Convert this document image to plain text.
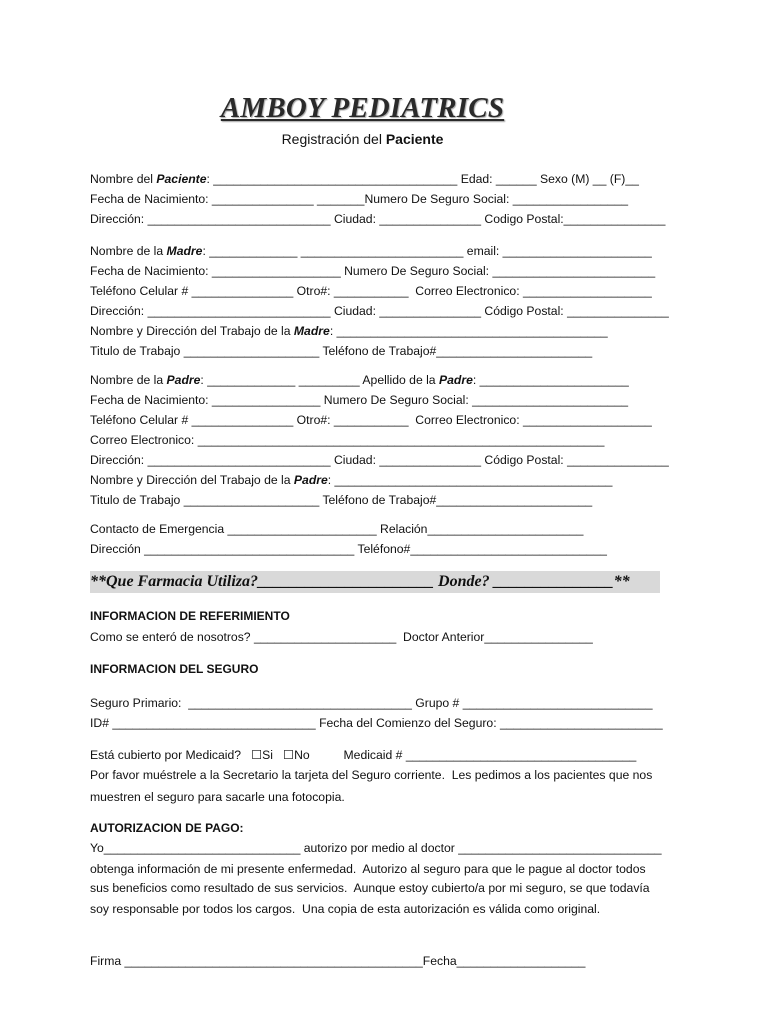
AMBOY PEDIATRICS
Registración del Paciente
Nombre del Paciente: ____________________________________ Edad: ______ Sexo (M) __ (F)__
Fecha de Nacimiento: _______________ _______Numero De Seguro Social: _________________
Dirección: ___________________________ Ciudad: _______________ Codigo Postal:_______________
Nombre de la Madre: _____________ ________________________ email: ______________________
Fecha de Nacimiento: ___________________ Numero De Seguro Social: ________________________
Teléfono Celular # _______________ Otro#: ___________  Correo Electronico: ___________________
Dirección: ___________________________ Ciudad: _______________ Código Postal: _______________
Nombre y Dirección del Trabajo de la Madre: ________________________________________
Titulo de Trabajo ____________________ Teléfono de Trabajo#_______________________
Nombre de la Padre: _____________ _________ Apellido de la Padre: ______________________
Fecha de Nacimiento: ________________ Numero De Seguro Social: _______________________
Teléfono Celular # _______________ Otro#: ___________  Correo Electronico: ___________________
Correo Electronico: ____________________________________________________________
Dirección: ___________________________ Ciudad: _______________ Código Postal: _______________
Nombre y Dirección del Trabajo de la Padre: _________________________________________
Titulo de Trabajo ____________________ Teléfono de Trabajo#_______________________
Contacto de Emergencia ______________________ Relación_______________________
Dirección _______________________________ Teléfono#_____________________________
**Que Farmacia Utiliza?______________________ Donde? _______________**
INFORMACION DE REFERIMIENTO
Como se enteró de nosotros? _____________________  Doctor Anterior________________
INFORMACION DEL SEGURO
Seguro Primario:  _________________________________ Grupo # ____________________________
ID# ______________________________ Fecha del Comienzo del Seguro: ________________________
Está cubierto por Medicaid?   ☐Si   ☐No          Medicaid # __________________________________
Por favor muéstrele a la Secretario la tarjeta del Seguro corriente.  Les pedimos a los pacientes que nos
muestren el seguro para sacarle una fotocopia.
AUTORIZACION DE PAGO:
Yo_____________________________ autorizo por medio al doctor ______________________________
obtenga información de mi presente enfermedad.  Autorizo al seguro para que le pague al doctor todos
sus beneficios como resultado de sus servicios.  Aunque estoy cubierto/a por mi seguro, se que todavía
soy responsable por todos los cargos.  Una copia de esta autorización es válida como original.
Firma ____________________________________________Fecha___________________
